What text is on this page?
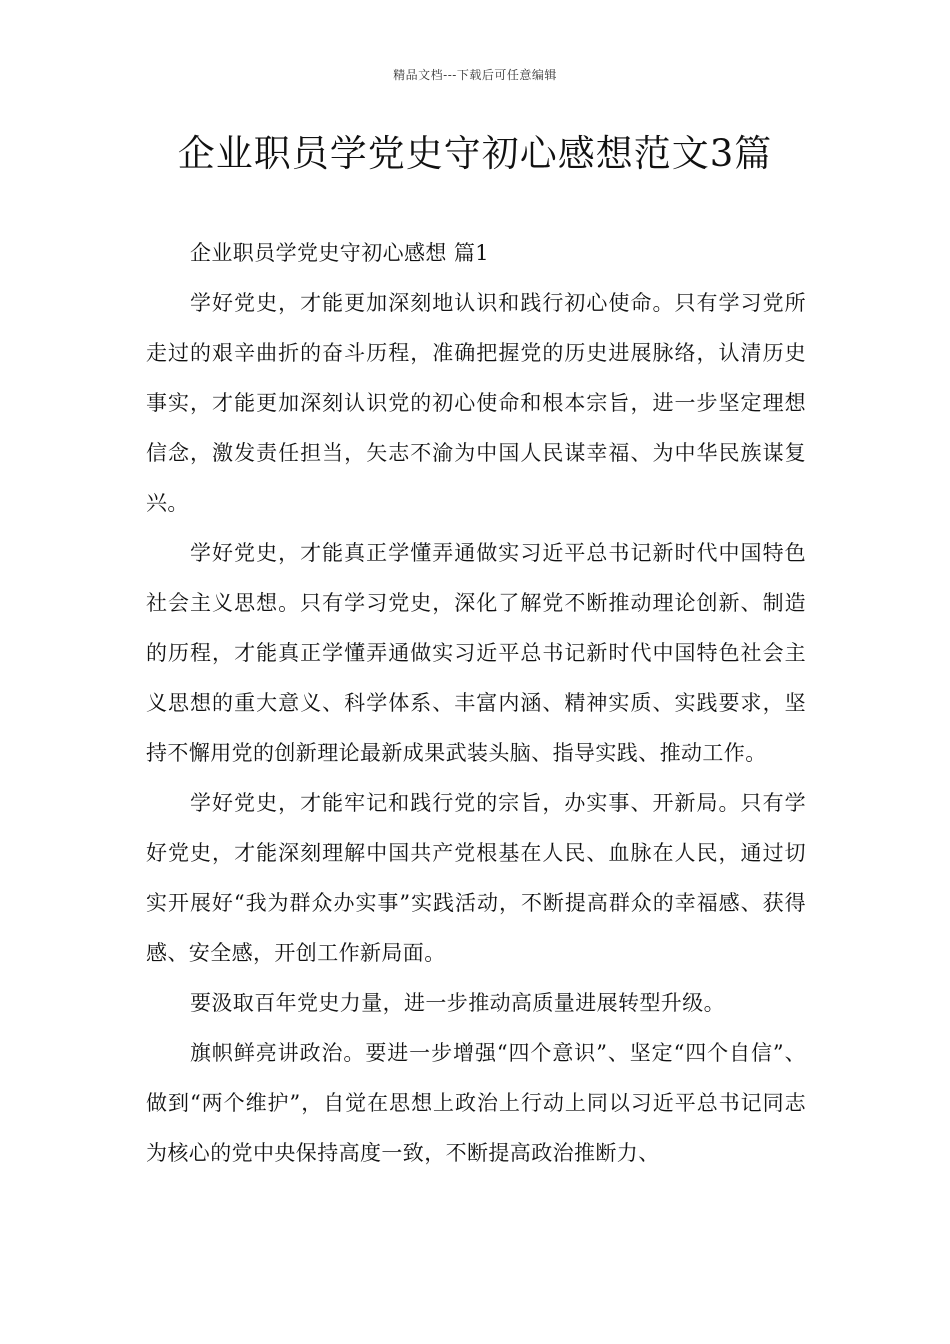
精品文档---下载后可任意编辑
企业职员学党史守初心感想范文3篇

企业职员学党史守初心感想 篇1

学好党史，才能更加深刻地认识和践行初心使命。只有学习党所走过的艰辛曲折的奋斗历程，准确把握党的历史进展脉络，认清历史事实，才能更加深刻认识党的初心使命和根本宗旨，进一步坚定理想信念，激发责任担当，矢志不渝为中国人民谋幸福、为中华民族谋复兴。

学好党史，才能真正学懂弄通做实习近平总书记新时代中国特色社会主义思想。只有学习党史，深化了解党不断推动理论创新、制造的历程，才能真正学懂弄通做实习近平总书记新时代中国特色社会主义思想的重大意义、科学体系、丰富内涵、精神实质、实践要求，坚持不懈用党的创新理论最新成果武装头脑、指导实践、推动工作。

学好党史，才能牢记和践行党的宗旨，办实事、开新局。只有学好党史，才能深刻理解中国共产党根基在人民、血脉在人民，通过切实开展好“我为群众办实事”实践活动，不断提高群众的幸福感、获得感、安全感，开创工作新局面。

要汲取百年党史力量，进一步推动高质量进展转型升级。

旗帜鲜亮讲政治。要进一步增强“四个意识”、坚定“四个自信”、做到“两个维护”，自觉在思想上政治上行动上同以习近平总书记同志为核心的党中央保持高度一致，不断提高政治推断力、
